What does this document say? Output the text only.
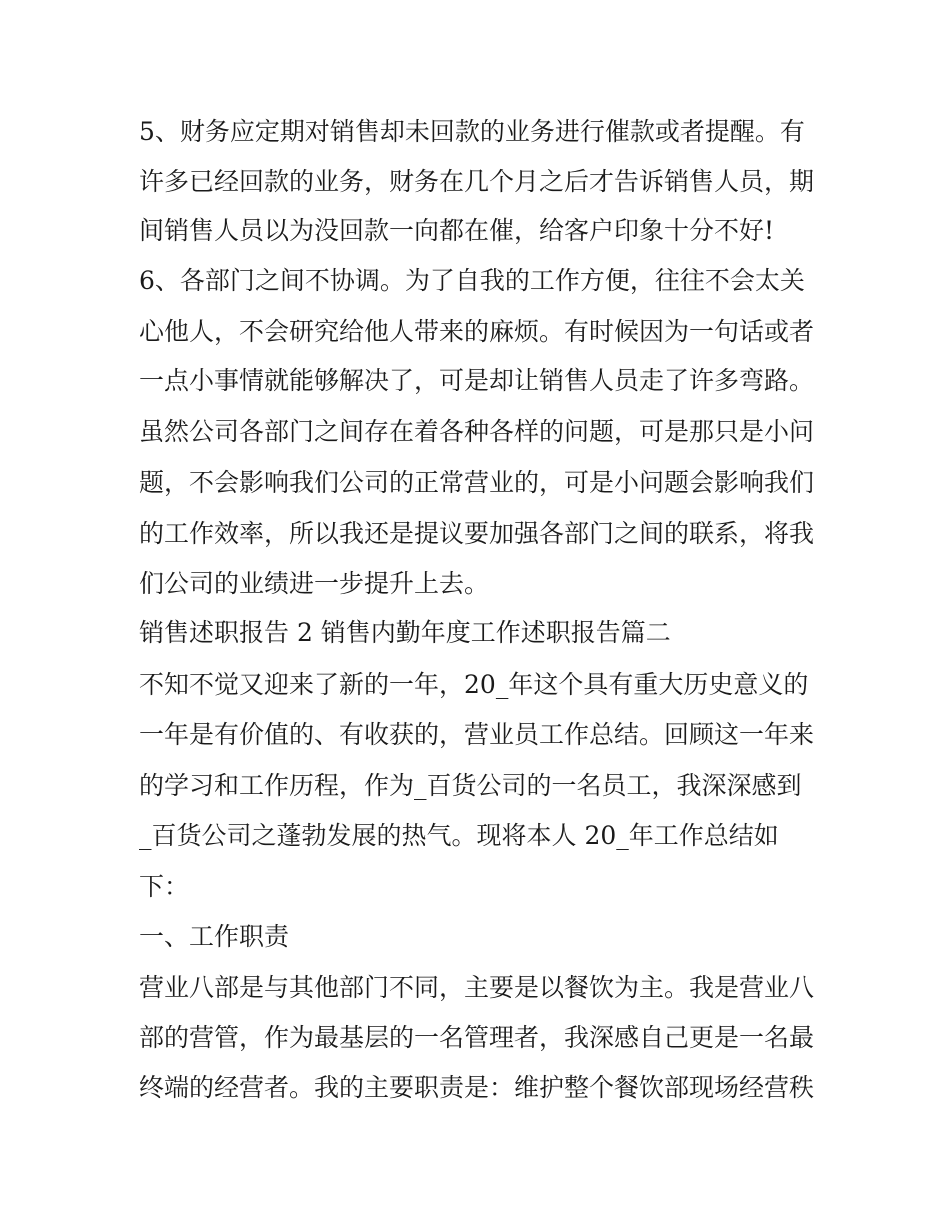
5、财务应定期对销售却未回款的业务进行催款或者提醒。有

许多已经回款的业务，财务在几个月之后才告诉销售人员，期

间销售人员以为没回款一向都在催，给客户印象十分不好!

6、各部门之间不协调。为了自我的工作方便，往往不会太关

心他人，不会研究给他人带来的麻烦。有时候因为一句话或者

一点小事情就能够解决了，可是却让销售人员走了许多弯路。

虽然公司各部门之间存在着各种各样的问题，可是那只是小问

题，不会影响我们公司的正常营业的，可是小问题会影响我们

的工作效率，所以我还是提议要加强各部门之间的联系，将我

们公司的业绩进一步提升上去。

销售述职报告 2 销售内勤年度工作述职报告篇二

不知不觉又迎来了新的一年，20_年这个具有重大历史意义的

一年是有价值的、有收获的，营业员工作总结。回顾这一年来

的学习和工作历程，作为_百货公司的一名员工，我深深感到

_百货公司之蓬勃发展的热气。现将本人 20_年工作总结如

下：

一、工作职责

营业八部是与其他部门不同，主要是以餐饮为主。我是营业八

部的营管，作为最基层的一名管理者，我深感自己更是一名最

终端的经营者。我的主要职责是：维护整个餐饮部现场经营秩
